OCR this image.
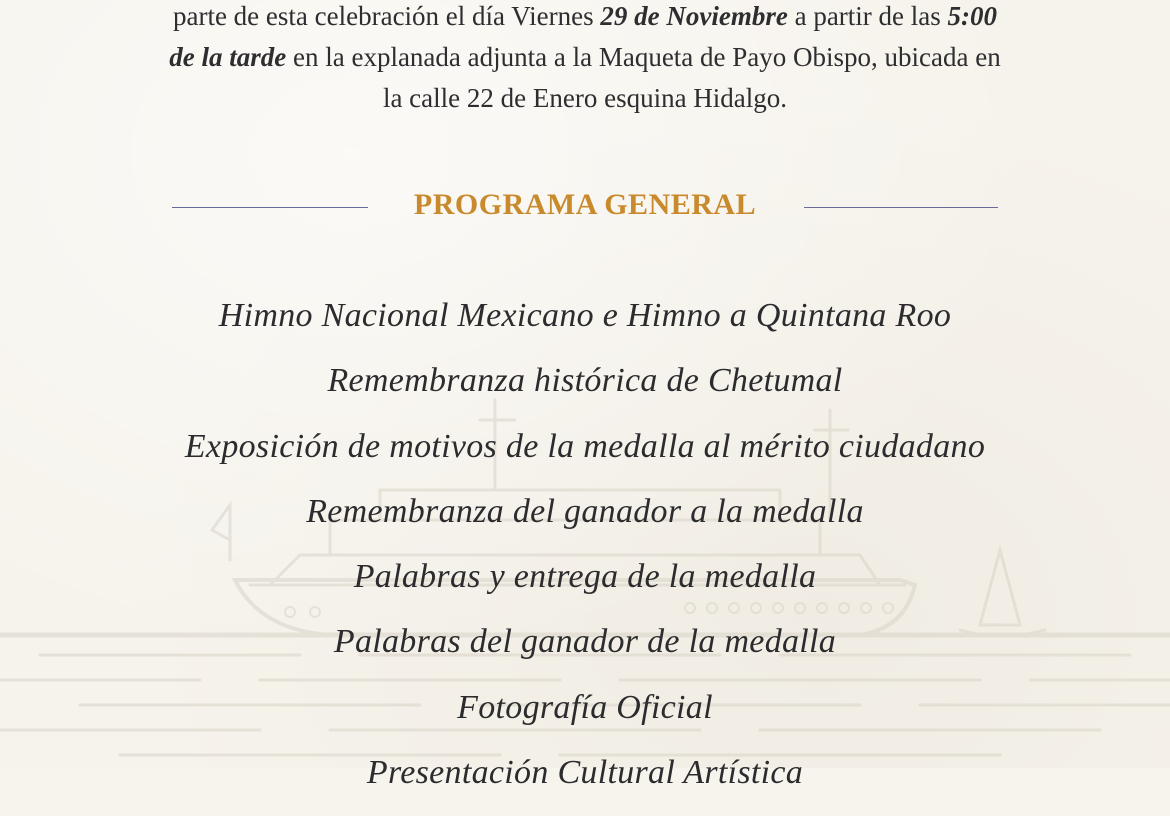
parte de esta celebración el día Viernes 29 de Noviembre a partir de las 5:00
de la tarde en la explanada adjunta a la Maqueta de Payo Obispo, ubicada en
la calle 22 de Enero esquina Hidalgo.
PROGRAMA GENERAL
Himno Nacional Mexicano e Himno a Quintana Roo
Remembranza histórica de Chetumal
Exposición de motivos de la medalla al mérito ciudadano
Remembranza del ganador a la medalla
Palabras y entrega de la medalla
Palabras del ganador de la medalla
Fotografía Oficial
Presentación Cultural Artística
